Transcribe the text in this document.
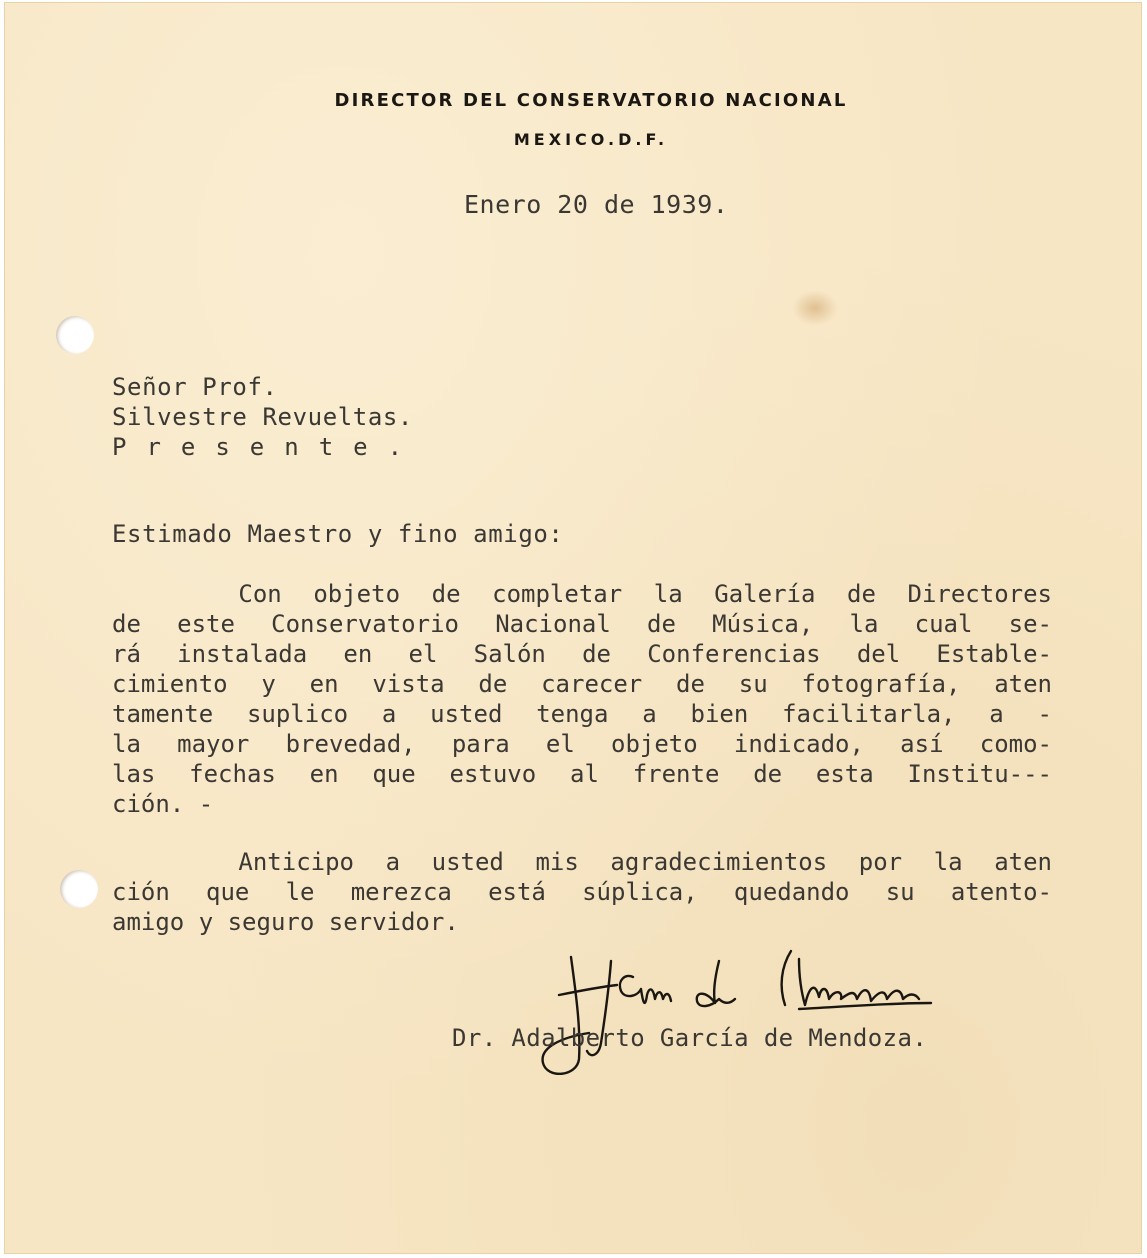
DIRECTOR DEL CONSERVATORIO NACIONAL

MEXICO.D.F.

Enero 20 de 1939.

Señor Prof.

Silvestre Revueltas.

Presente.

Estimado Maestro y fino amigo:

Con objeto de completar la Galería de Directores
de este Conservatorio Nacional de Música, la cual se-
rá instalada en el Salón de Conferencias del Estable-
cimiento y en vista de carecer de su fotografía, aten
tamente suplico a usted tenga a bien facilitarla, a -
la mayor brevedad, para el objeto indicado, así como-
las fechas en que estuvo al frente de esta Institu---
ción. -
Anticipo a usted mis agradecimientos por la aten
ción que le merezca está súplica, quedando su atento-
amigo y seguro servidor.
A. García de Mendoza

Dr. Adalberto García de Mendoza.
